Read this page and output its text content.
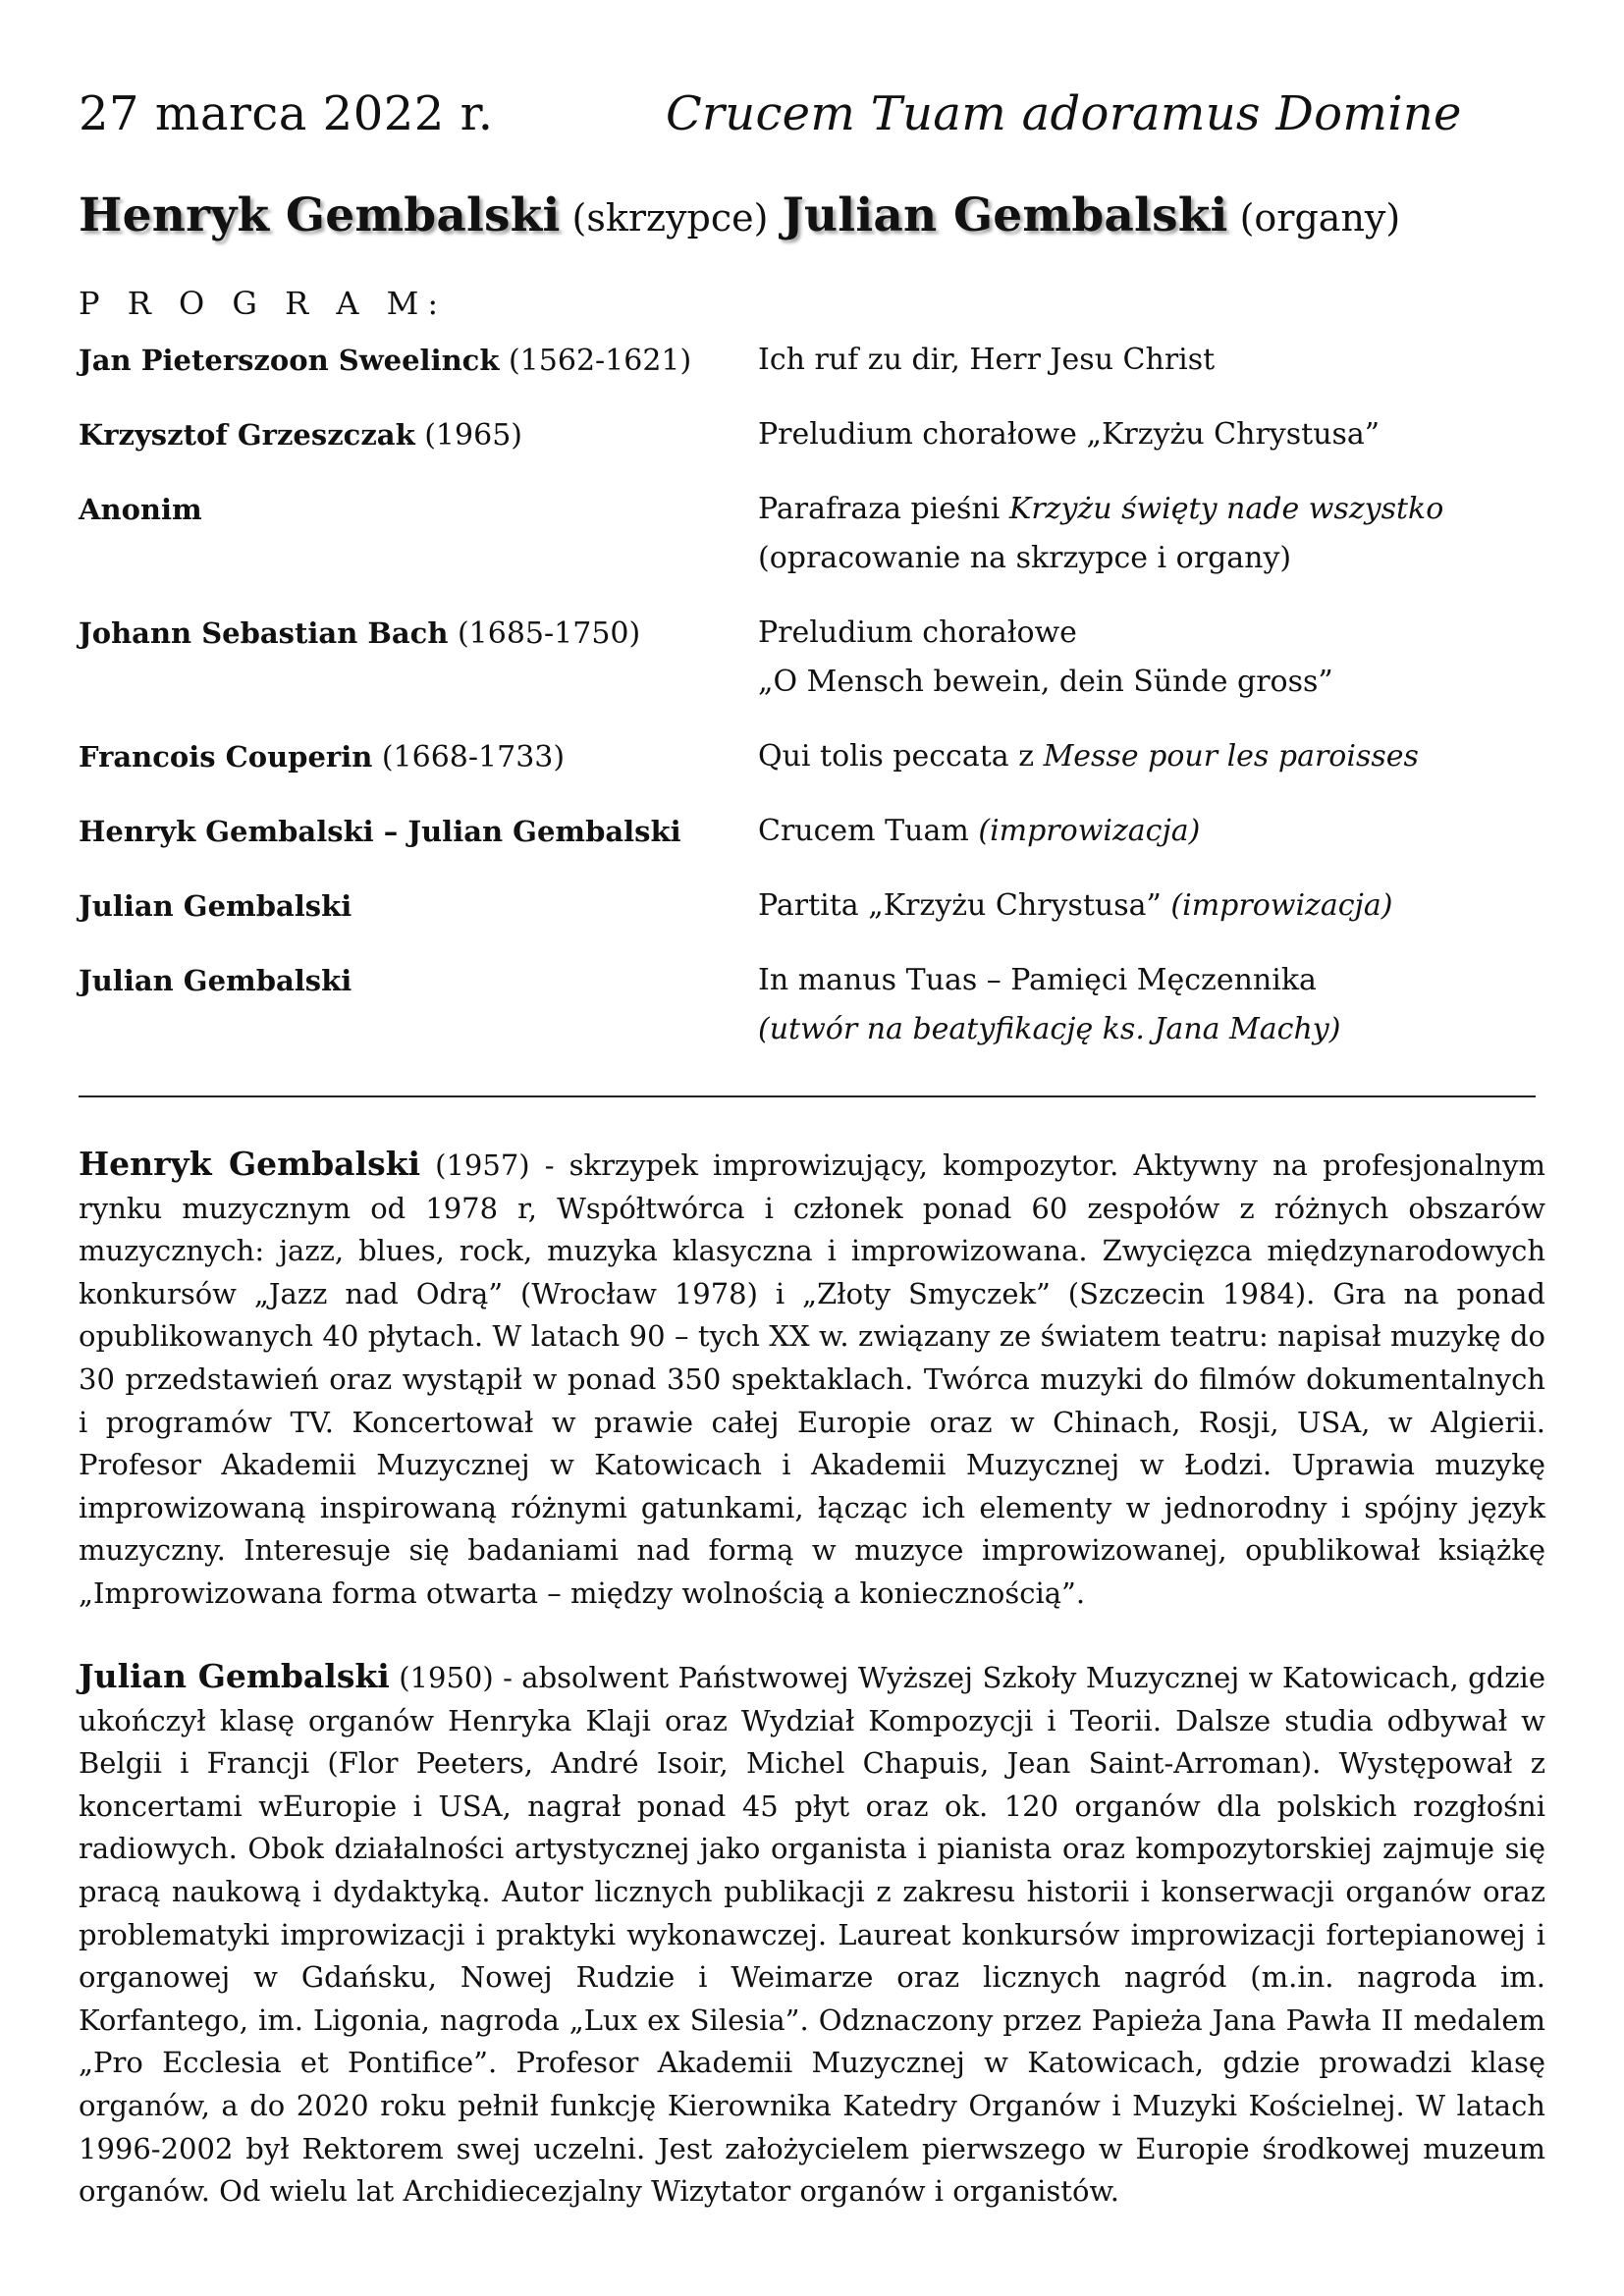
27 marca 2022 r.	Crucem Tuam adoramus Domine
Henryk Gembalski (skrzypce) Julian Gembalski (organy)
P R O G R A M:
Jan Pieterszoon Sweelinck (1562-1621)	Ich ruf zu dir, Herr Jesu Christ
Krzysztof Grzeszczak (1965)	Preludium chorałowe „Krzyżu Chrystusa”
Anonim	Parafraza pieśni Krzyżu święty nade wszystko
(opracowanie na skrzypce i organy)
Johann Sebastian Bach (1685-1750)	Preludium chorałowe
„O Mensch bewein, dein Sünde gross”
Francois Couperin (1668-1733)	Qui tolis peccata z Messe pour les paroisses
Henryk Gembalski – Julian Gembalski	Crucem Tuam (improwizacja)
Julian Gembalski	Partita „Krzyżu Chrystusa” (improwizacja)
Julian Gembalski	In manus Tuas – Pamięci Męczennika
(utwór na beatyfikację ks. Jana Machy)

Henryk Gembalski (1957) - skrzypek improwizujący, kompozytor. Aktywny na profesjonalnym rynku muzycznym od 1978 r, Współtwórca i członek ponad 60 zespołów z różnych obszarów muzycznych: jazz, blues, rock, muzyka klasyczna i improwizowana. Zwycięzca międzynarodowych konkursów „Jazz nad Odrą” (Wrocław 1978) i „Złoty Smyczek” (Szczecin 1984). Gra na ponad opublikowanych 40 płytach. W latach 90 – tych XX w. związany ze światem teatru: napisał muzykę do 30 przedstawień oraz wystąpił w ponad 350 spektaklach. Twórca muzyki do filmów dokumentalnych i programów TV. Koncertował w prawie całej Europie oraz w Chinach, Rosji, USA, w Algierii. Profesor Akademii Muzycznej w Katowicach i Akademii Muzycznej w Łodzi. Uprawia muzykę improwizowaną inspirowaną różnymi gatunkami, łącząc ich elementy w jednorodny i spójny język muzyczny. Interesuje się badaniami nad formą w muzyce improwizowanej, opublikował książkę „Improwizowana forma otwarta – między wolnością a koniecznością”.

Julian Gembalski (1950) - absolwent Państwowej Wyższej Szkoły Muzycznej w Katowicach, gdzie ukończył klasę organów Henryka Klaji oraz Wydział Kompozycji i Teorii. Dalsze studia odbywał w Belgii i Francji (Flor Peeters, André Isoir, Michel Chapuis, Jean Saint-Arroman). Występował z koncertami wEuropie i USA, nagrał ponad 45 płyt oraz ok. 120 organów dla polskich rozgłośni radiowych. Obok działalności artystycznej jako organista i pianista oraz kompozytorskiej zajmuje się pracą naukową i dydaktyką. Autor licznych publikacji z zakresu historii i konserwacji organów oraz problematyki improwizacji i praktyki wykonawczej. Laureat konkursów improwizacji fortepianowej i organowej w Gdańsku, Nowej Rudzie i Weimarze oraz licznych nagród (m.in. nagroda im. Korfantego, im. Ligonia, nagroda „Lux ex Silesia”. Odznaczony przez Papieża Jana Pawła II medalem „Pro Ecclesia et Pontifice”. Profesor Akademii Muzycznej w Katowicach, gdzie prowadzi klasę organów, a do 2020 roku pełnił funkcję Kierownika Katedry Organów i Muzyki Kościelnej. W latach 1996-2002 był Rektorem swej uczelni. Jest założycielem pierwszego w Europie środkowej muzeum organów. Od wielu lat Archidiecezjalny Wizytator organów i organistów.
